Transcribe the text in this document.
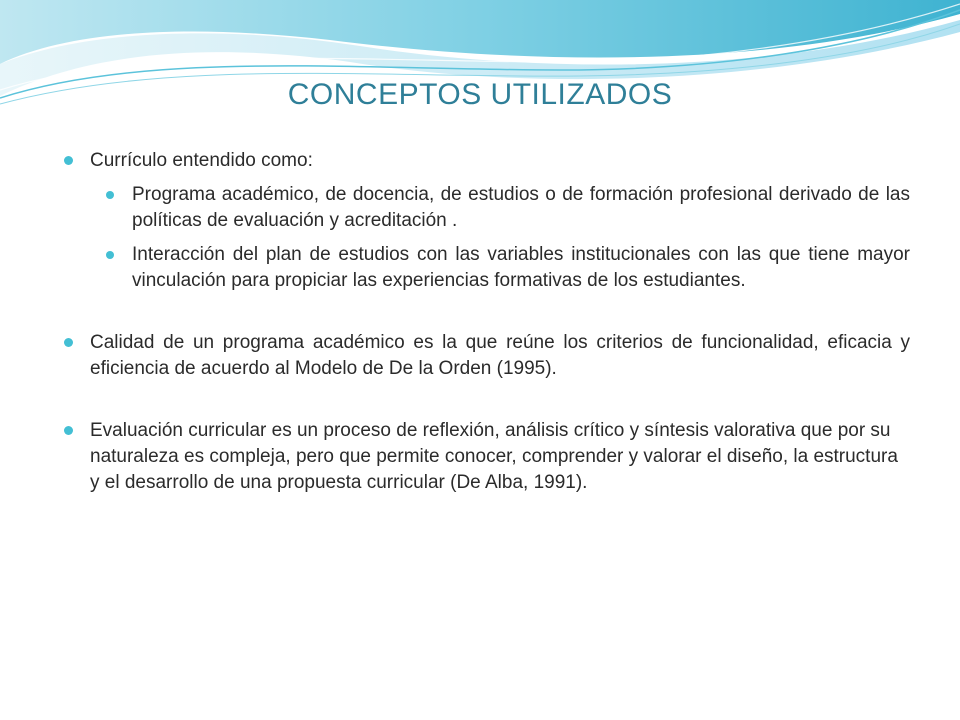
CONCEPTOS UTILIZADOS
Currículo entendido como:
Programa académico, de docencia, de estudios o de formación profesional derivado de las políticas de evaluación y acreditación .
Interacción del plan de estudios con las variables institucionales con las que tiene mayor vinculación para propiciar las experiencias formativas de los estudiantes.
Calidad de un programa académico es la que reúne los criterios de funcionalidad, eficacia y eficiencia de acuerdo al Modelo de De la Orden (1995).
Evaluación curricular es un proceso de reflexión, análisis crítico y síntesis valorativa que por su naturaleza es compleja, pero que permite conocer, comprender y valorar el diseño, la estructura y el desarrollo de una propuesta curricular (De Alba, 1991).
